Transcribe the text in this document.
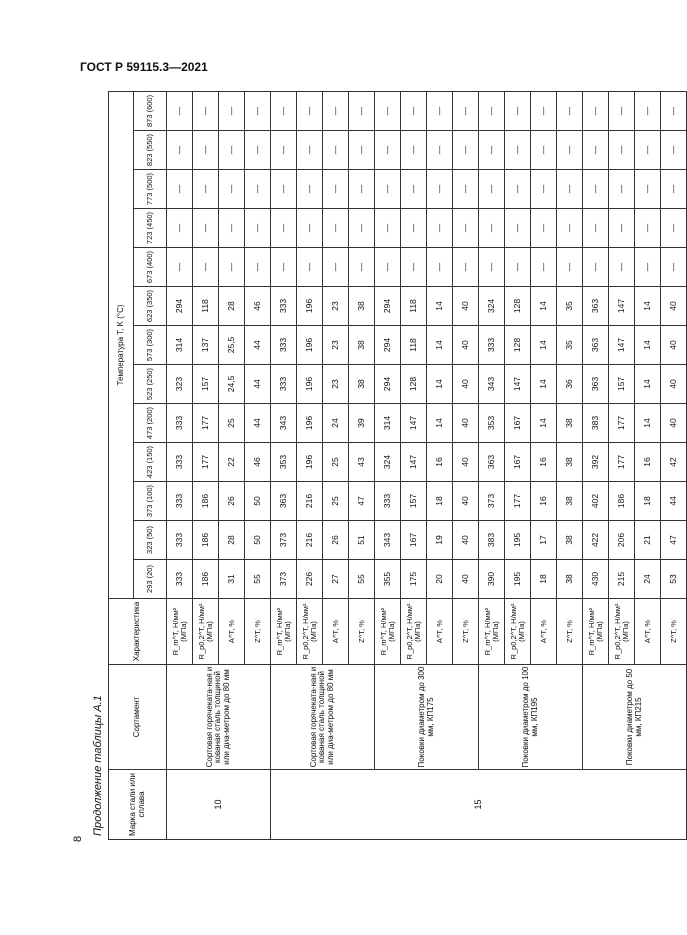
ГОСТ Р 59115.3—2021
8
Продолжение таблицы А.1	Марка стали или сплава	Сортамент	Характеристика	Температура T, K (°C)												
			293 (20)	323 (50)	373 (100)	423 (150)	473 (200)	523 (250)	573 (300)	623 (350)	673 (400)	723 (450)	773 (500)	823 (550)	873 (600)
10	Сортовая горячеката-ная и кованая сталь толщиной или диа-метром до 80 мм	R_m^T, Н/мм² (МПа)	333	333	333	333	333	323	314	294	—	—	—	—	—
		R_p0,2^T, Н/мм² (МПа)	186	186	186	177	177	157	137	118	—	—	—	—	—
		A^T, %	31	28	26	22	25	24,5	25,5	28	—	—	—	—	—
		Z^T, %	55	50	50	46	44	44	44	46	—	—	—	—	—
15	Сортовая горячеката-ная и кованая сталь толщиной или диа-метром до 80 мм	R_m^T, Н/мм² (МПа)	373	373	363	353	343	333	333	333	—	—	—	—	—
		R_p0,2^T, Н/мм² (МПа)	226	216	216	196	196	196	196	196	—	—	—	—	—
		A^T, %	27	26	25	25	24	23	23	23	—	—	—	—	—
		Z^T, %	55	51	47	43	39	38	38	38	—	—	—	—	—
	Поковки диаметром до 300 мм, КП175	R_m^T, Н/мм² (МПа)	355	343	333	324	314	294	294	294	—	—	—	—	—
		R_p0,2^T, Н/мм² (МПа)	175	167	157	147	147	128	118	118	—	—	—	—	—
		A^T, %	20	19	18	16	14	14	14	14	—	—	—	—	—
		Z^T, %	40	40	40	40	40	40	40	40	—	—	—	—	—
	Поковки диаметром до 100 мм, КП195	R_m^T, Н/мм² (МПа)	390	383	373	363	353	343	333	324	—	—	—	—	—
		R_p0,2^T, Н/мм² (МПа)	195	195	177	167	167	147	128	128	—	—	—	—	—
		A^T, %	18	17	16	16	14	14	14	14	—	—	—	—	—
		Z^T, %	38	38	38	38	38	36	35	35	—	—	—	—	—
	Поковки диаметром до 50 мм, КП215	R_m^T, Н/мм² (МПа)	430	422	402	392	383	363	363	363	—	—	—	—	—
		R_p0,2^T, Н/мм² (МПа)	215	206	186	177	177	157	147	147	—	—	—	—	—
		A^T, %	24	21	18	16	14	14	14	14	—	—	—	—	—
		Z^T, %	53	47	44	42	40	40	40	40	—	—	—	—	—
